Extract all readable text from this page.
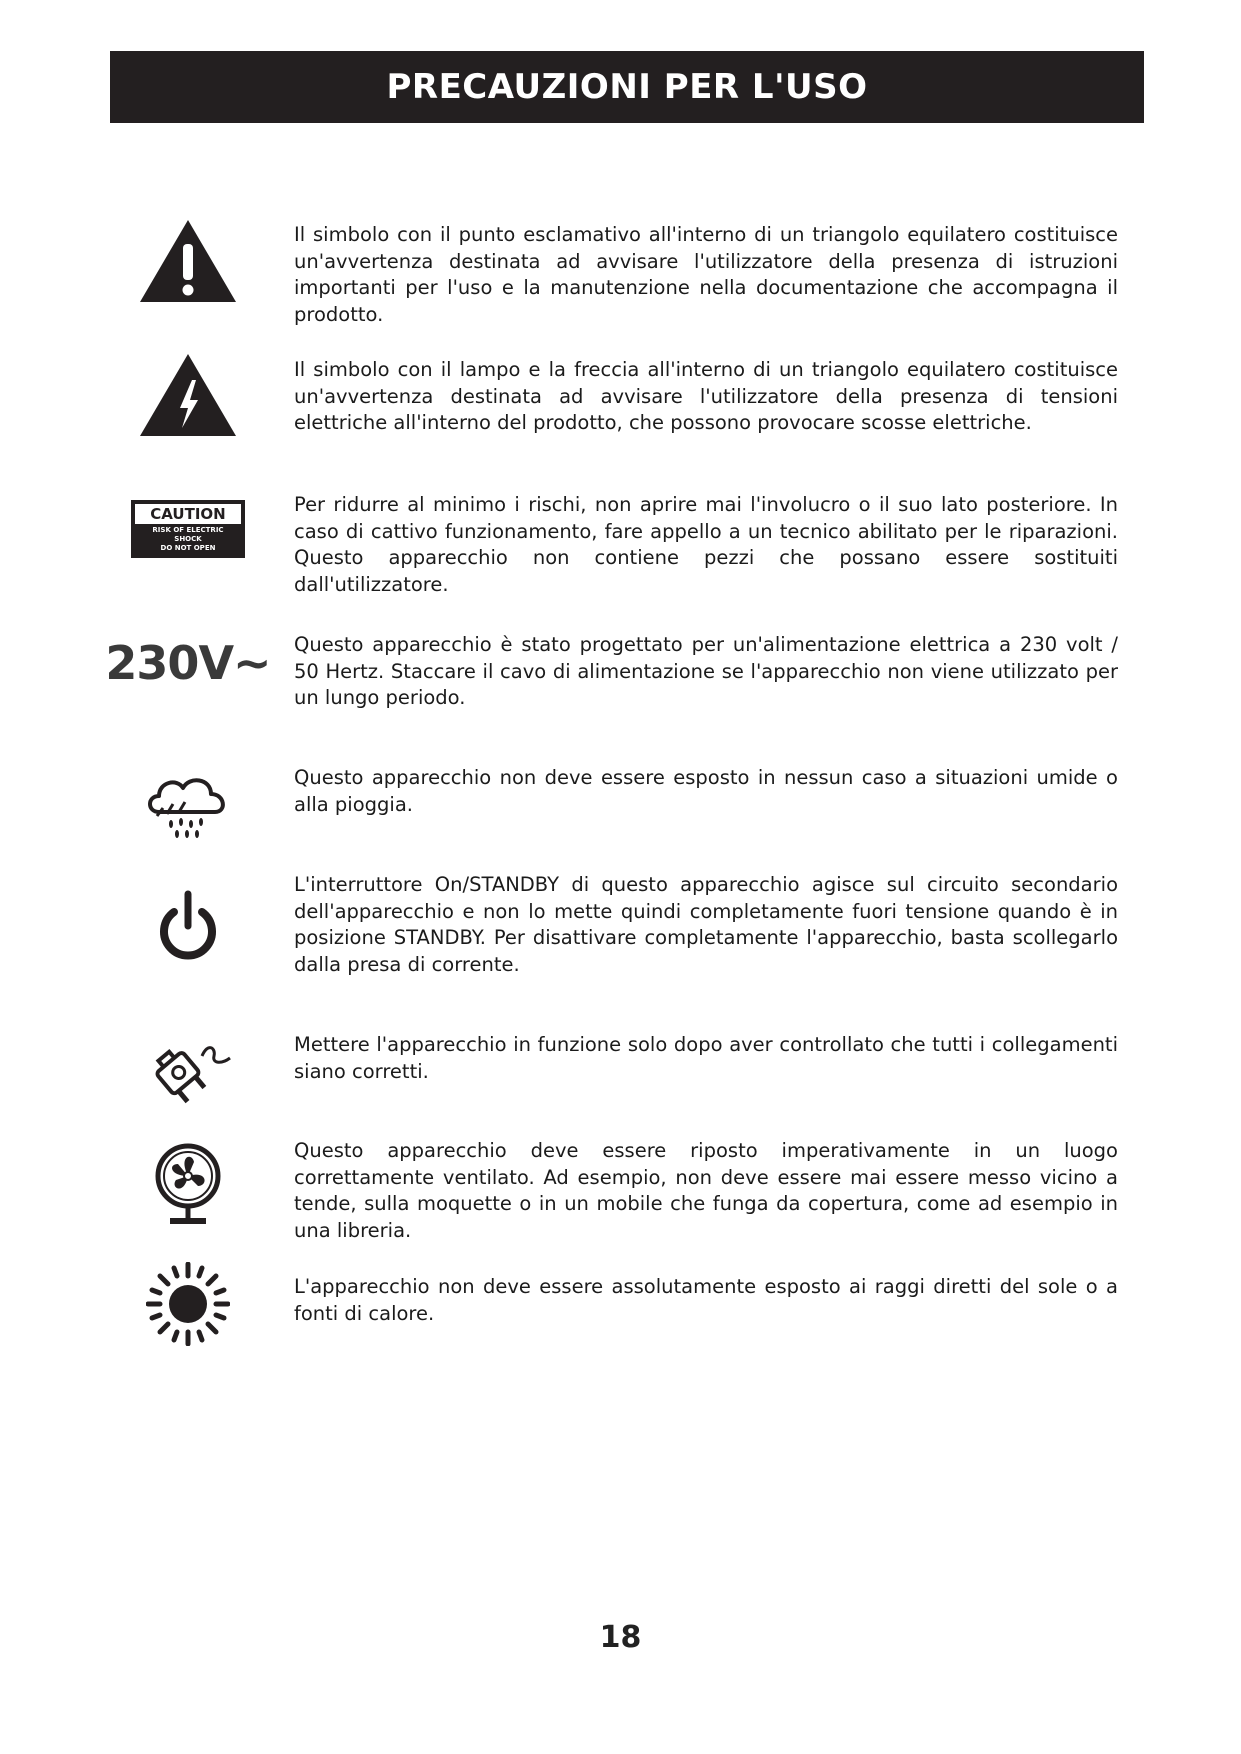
PRECAUZIONI PER L'USO
Il simbolo con il punto esclamativo all'interno di un triangolo equilatero costituisce un'avvertenza destinata ad avvisare l'utilizzatore della presenza di istruzioni importanti per l'uso e la manutenzione nella documentazione che accompagna il prodotto.
Il simbolo con il lampo e la freccia all'interno di un triangolo equilatero costituisce un'avvertenza destinata ad avvisare l'utilizzatore della presenza di tensioni elettriche all'interno del prodotto, che possono provocare scosse elettriche.
CAUTION
RISK OF ELECTRIC
SHOCK
DO NOT OPEN
Per ridurre al minimo i rischi, non aprire mai l'involucro o il suo lato posteriore. In caso di cattivo funzionamento, fare appello a un tecnico abilitato per le riparazioni. Questo apparecchio non contiene pezzi che possano essere sostituiti dall'utilizzatore.
230V~ Questo apparecchio è stato progettato per un'alimentazione elettrica a 230 volt / 50 Hertz. Staccare il cavo di alimentazione se l'apparecchio non viene utilizzato per un lungo periodo.
Questo apparecchio non deve essere esposto in nessun caso a situazioni umide o alla pioggia.
L'interruttore On/STANDBY di questo apparecchio agisce sul circuito secondario dell'apparecchio e non lo mette quindi completamente fuori tensione quando è in posizione STANDBY. Per disattivare completamente l'apparecchio, basta scollegarlo dalla presa di corrente.
Mettere l'apparecchio in funzione solo dopo aver controllato che tutti i collegamenti siano corretti.
Questo apparecchio deve essere riposto imperativamente in un luogo correttamente ventilato. Ad esempio, non deve essere mai essere messo vicino a tende, sulla moquette o in un mobile che funga da copertura, come ad esempio in una libreria.
L'apparecchio non deve essere assolutamente esposto ai raggi diretti del sole o a fonti di calore.
18
